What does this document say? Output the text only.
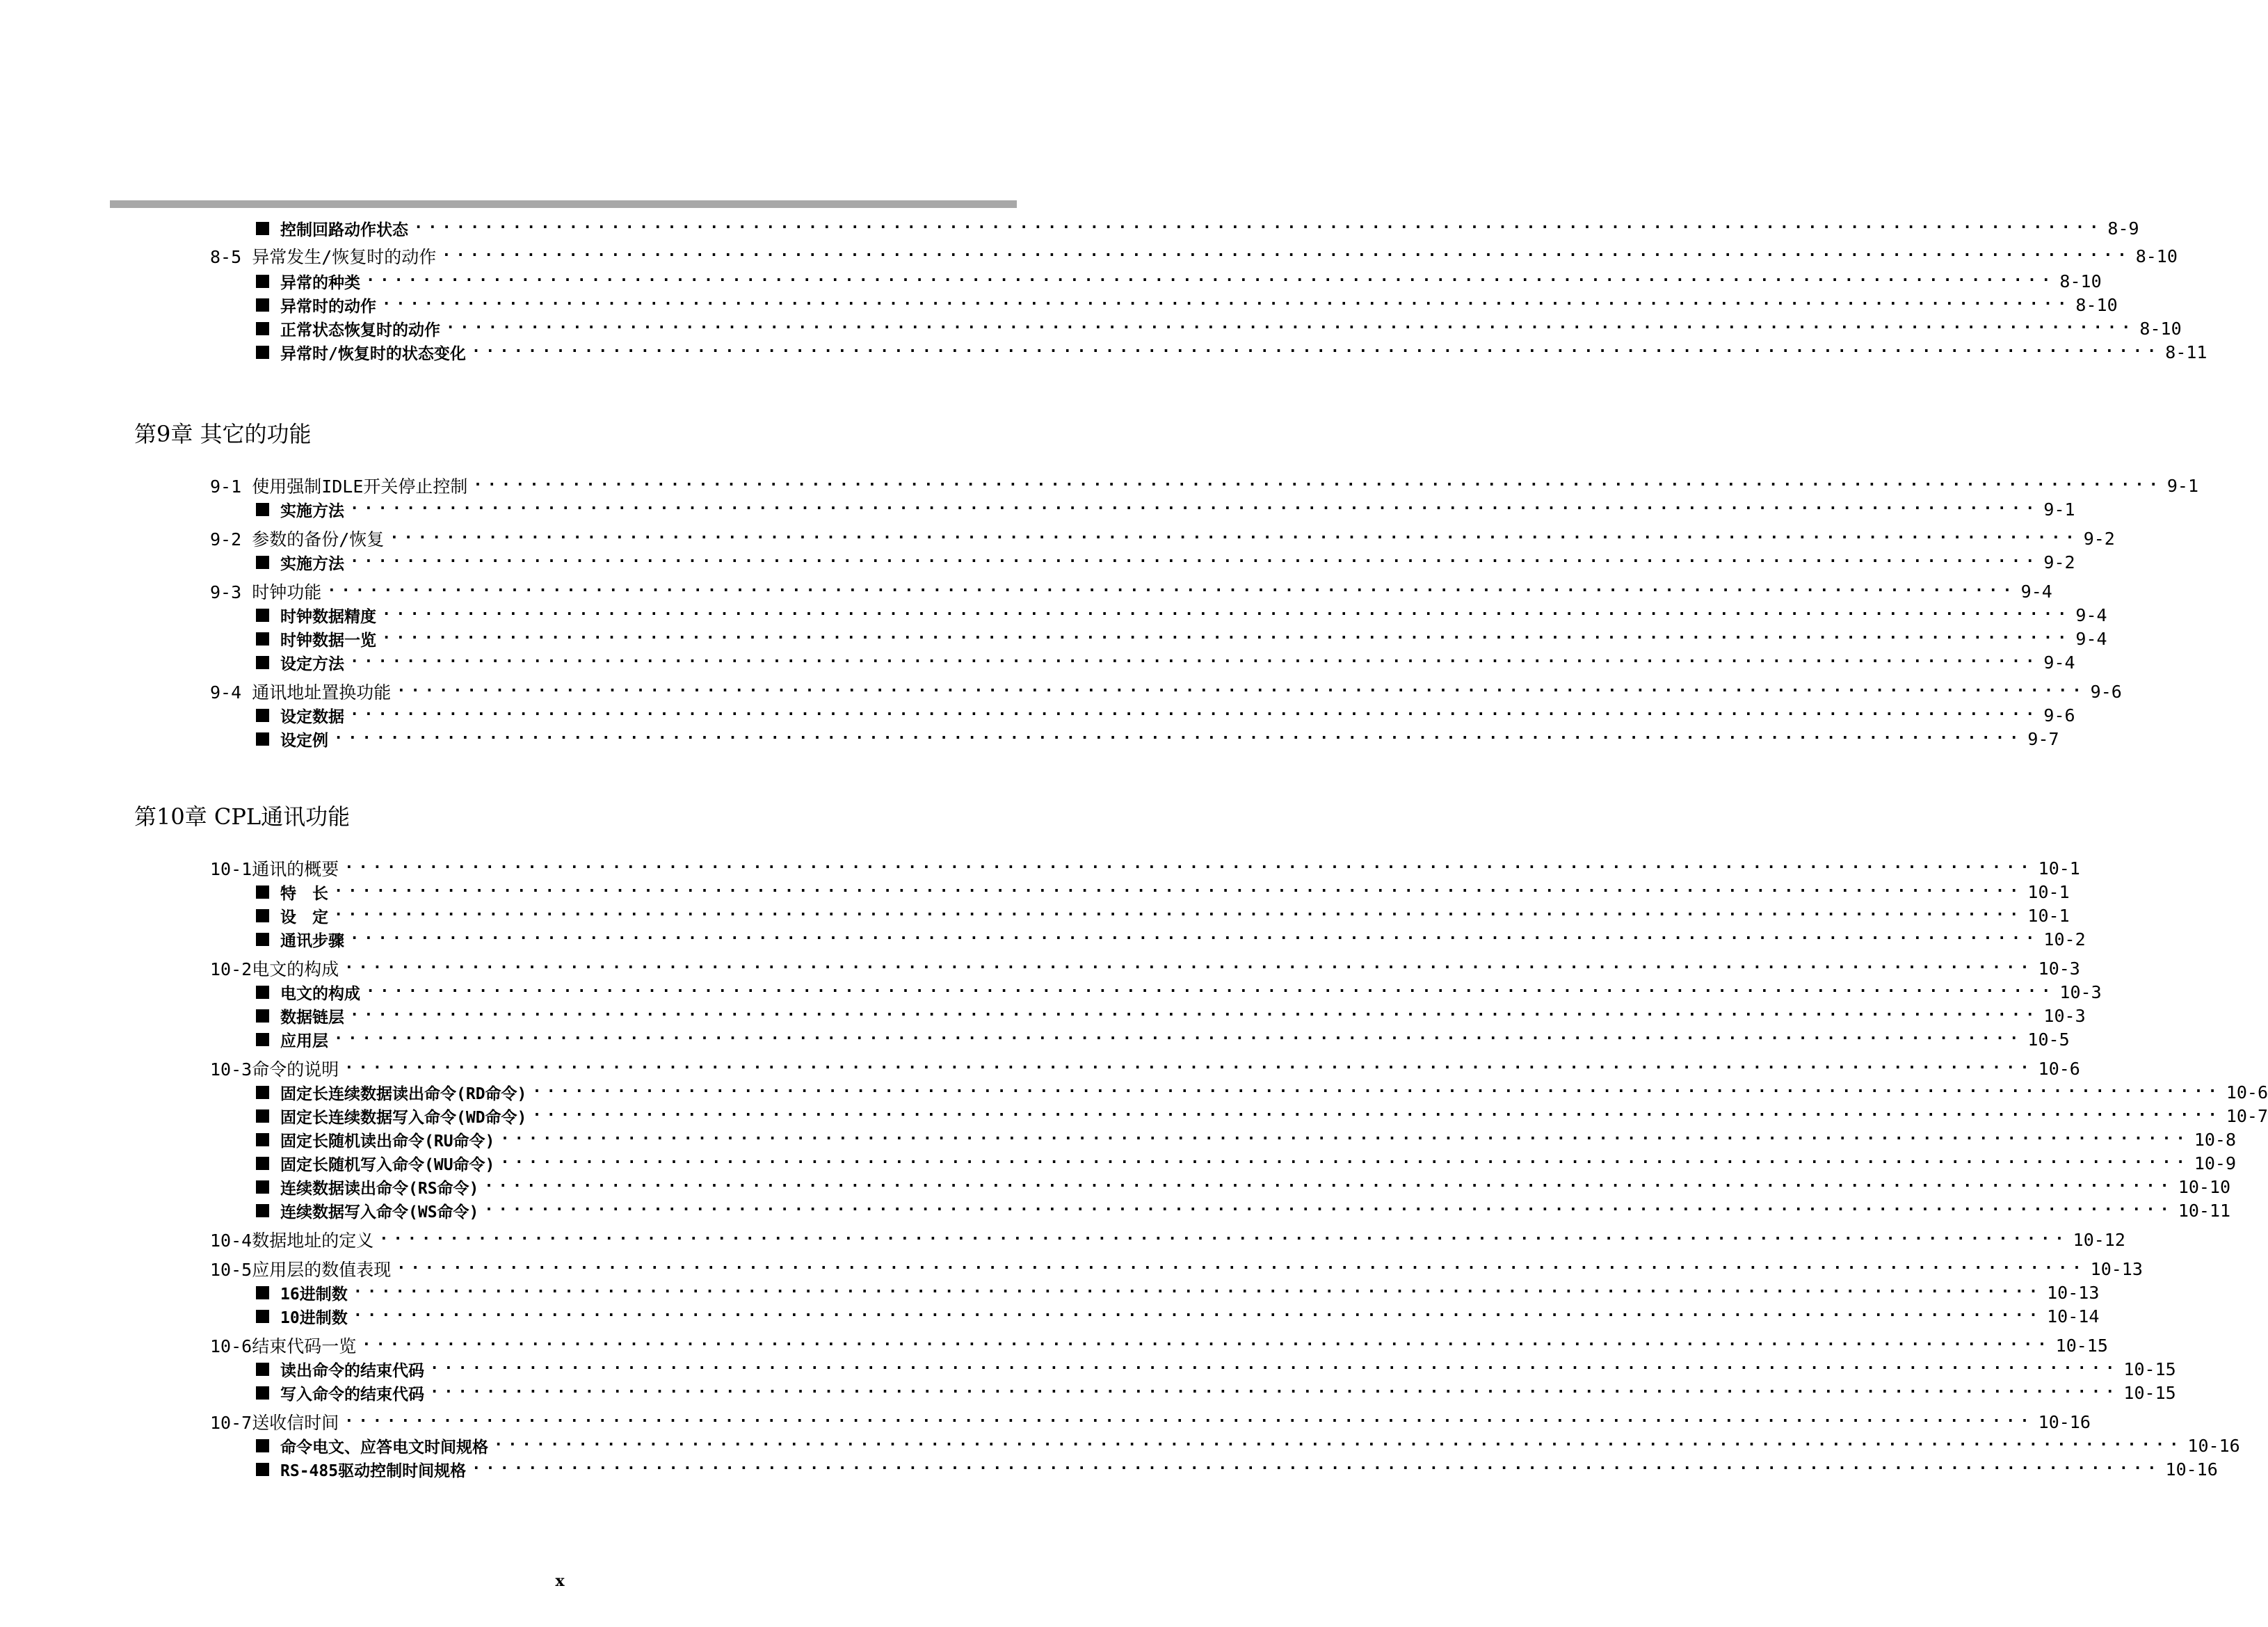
控制回路动作状态 ························································································································ 8-9
8-5 异常发生/恢复时的动作 ························································································································ 8-10
异常的种类 ························································································································ 8-10
异常时的动作 ························································································································ 8-10
正常状态恢复时的动作 ························································································································ 8-10
异常时/恢复时的状态变化 ························································································································ 8-11
第9章 其它的功能
9-1 使用强制IDLE开关停止控制 ························································································································ 9-1
实施方法 ························································································································ 9-1
9-2 参数的备份/恢复 ························································································································ 9-2
实施方法 ························································································································ 9-2
9-3 时钟功能 ························································································································ 9-4
时钟数据精度 ························································································································ 9-4
时钟数据一览 ························································································································ 9-4
设定方法 ························································································································ 9-4
9-4 通讯地址置换功能 ························································································································ 9-6
设定数据 ························································································································ 9-6
设定例 ························································································································ 9-7
第10章 CPL通讯功能
10-1通讯的概要 ························································································································ 10-1
特　长 ························································································································ 10-1
设　定 ························································································································ 10-1
通讯步骤 ························································································································ 10-2
10-2电文的构成 ························································································································ 10-3
电文的构成 ························································································································ 10-3
数据链层 ························································································································ 10-3
应用层 ························································································································ 10-5
10-3命令的说明 ························································································································ 10-6
固定长连续数据读出命令(RD命令) ························································································································ 10-6
固定长连续数据写入命令(WD命令) ························································································································ 10-7
固定长随机读出命令(RU命令) ························································································································ 10-8
固定长随机写入命令(WU命令) ························································································································ 10-9
连续数据读出命令(RS命令) ························································································································ 10-10
连续数据写入命令(WS命令) ························································································································ 10-11
10-4数据地址的定义 ························································································································ 10-12
10-5应用层的数值表现 ························································································································ 10-13
16进制数 ························································································································ 10-13
10进制数 ························································································································ 10-14
10-6结束代码一览 ························································································································ 10-15
读出命令的结束代码 ························································································································ 10-15
写入命令的结束代码 ························································································································ 10-15
10-7送收信时间 ························································································································ 10-16
命令电文、应答电文时间规格 ························································································································ 10-16
RS-485驱动控制时间规格 ························································································································ 10-16
x
